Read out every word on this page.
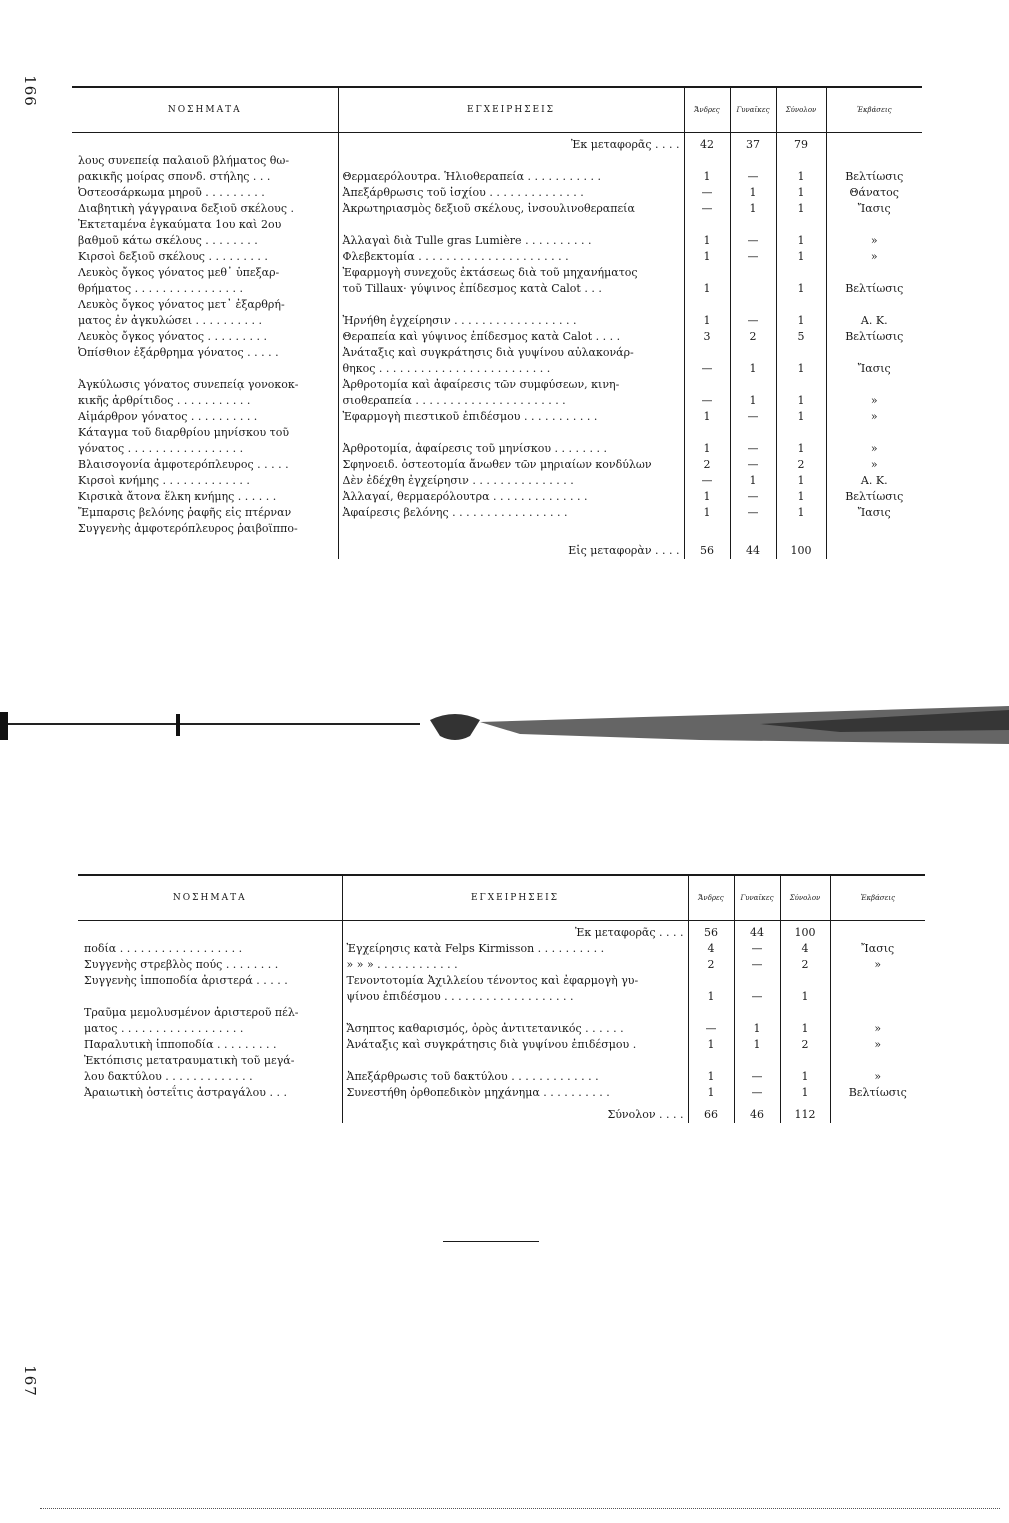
166
167
ΝΟΣΗΜΑΤΑ	ΕΓΧΕΙΡΗΣΕΙΣ	Ἄνδρες	Γυναῖκες	Σύνολον	Ἐκβάσεις

	Ἐκ μεταφορᾶς . . . .	42	37	79	
λους συνεπείᾳ παλαιοῦ βλήματος θω-					
ρακικῆς μοίρας σπονδ. στήλης . . .	Θερμαερόλουτρα. Ἡλιοθεραπεία . . . . . . . . . . .	1	—	1	Βελτίωσις
Ὀστεοσάρκωμα μηροῦ . . . . . . . . .	Ἀπεξάρθρωσις τοῦ ἰσχίου . . . . . . . . . . . . . .	—	1	1	Θάνατος
Διαβητικὴ γάγγραινα δεξιοῦ σκέλους .	Ἀκρωτηριασμὸς δεξιοῦ σκέλους, ἰνσουλινοθεραπεία	—	1	1	Ἴασις
Ἐκτεταμένα ἐγκαύματα 1ου καὶ 2ου					
βαθμοῦ κάτω σκέλους . . . . . . . .	Ἀλλαγαὶ διὰ Tulle gras Lumière . . . . . . . . . .	1	—	1	»
Κιρσοὶ δεξιοῦ σκέλους . . . . . . . . .	Φλεβεκτομία . . . . . . . . . . . . . . . . . . . . . .	1	—	1	»
Λευκὸς ὄγκος γόνατος μεθ᾽ ὑπεξαρ-	Ἐφαρμογὴ συνεχοῦς ἐκτάσεως διὰ τοῦ μηχανήματος				
θρήματος . . . . . . . . . . . . . . . .	τοῦ Tillaux· γύψινος ἐπίδεσμος κατὰ Calot . . .	1		1	Βελτίωσις
Λευκὸς ὄγκος γόνατος μετ᾽ ἐξαρθρή-					
ματος ἐν ἀγκυλώσει . . . . . . . . . .	Ἠρνήθη ἐγχείρησιν . . . . . . . . . . . . . . . . . .	1	—	1	Α. Κ.
Λευκὸς ὄγκος γόνατος . . . . . . . . .	Θεραπεία καὶ γύψινος ἐπίδεσμος κατὰ Calot . . . .	3	2	5	Βελτίωσις
Ὀπίσθιον ἐξάρθρημα γόνατος . . . . .	Ἀνάταξις καὶ συγκράτησις διὰ γυψίνου αὐλακονάρ-				
	θηκος . . . . . . . . . . . . . . . . . . . . . . . . .	—	1	1	Ἴασις
Ἀγκύλωσις γόνατος συνεπείᾳ γονοκοκ-	Ἀρθροτομία καὶ ἀφαίρεσις τῶν συμφύσεων, κινη-				
κικῆς ἀρθρίτιδος . . . . . . . . . . .	σιοθεραπεία . . . . . . . . . . . . . . . . . . . . . .	—	1	1	»
Αἱμάρθρον γόνατος . . . . . . . . . .	Ἐφαρμογὴ πιεστικοῦ ἐπιδέσμου . . . . . . . . . . .	1	—	1	»
Κάταγμα τοῦ διαρθρίου μηνίσκου τοῦ					
γόνατος . . . . . . . . . . . . . . . . .	Ἀρθροτομία, ἀφαίρεσις τοῦ μηνίσκου . . . . . . . .	1	—	1	»
Βλαισογονία ἀμφοτερόπλευρος . . . . .	Σφηνοειδ. ὀστεοτομία ἄνωθεν τῶν μηριαίων κονδύλων	2	—	2	»
Κιρσοὶ κνήμης . . . . . . . . . . . . .	Δὲν ἐδέχθη ἐγχείρησιν . . . . . . . . . . . . . . .	—	1	1	Α. Κ.
Κιρσικὰ ἄτονα ἕλκη κνήμης . . . . . .	Ἀλλαγαί, θερμαερόλουτρα . . . . . . . . . . . . . .	1	—	1	Βελτίωσις
Ἔμπαρσις βελόνης ῥαφῆς εἰς πτέρναν	Ἀφαίρεσις βελόνης . . . . . . . . . . . . . . . . .	1	—	1	Ἴασις
Συγγενὴς ἀμφοτερόπλευρος ῥαιβοϊππο-					

	Εἰς μεταφορὰν . . . .	56	44	100	
ΝΟΣΗΜΑΤΑ	ΕΓΧΕΙΡΗΣΕΙΣ	Ἄνδρες	Γυναῖκες	Σύνολον	Ἐκβάσεις

	Ἐκ μεταφορᾶς . . . .	56	44	100	
ποδία . . . . . . . . . . . . . . . . . .	Ἐγχείρησις κατὰ Felps Kirmisson . . . . . . . . . .	4	—	4	Ἴασις
Συγγενὴς στρεβλὸς πούς . . . . . . . .	» » » . . . . . . . . . . . .	2	—	2	»
Συγγενὴς ἱπποποδία ἀριστερά . . . . .	Τενοντοτομία Ἀχιλλείου τένοντος καὶ ἐφαρμογὴ γυ-				
	ψίνου ἐπιδέσμου . . . . . . . . . . . . . . . . . . .	1	—	1	
Τραῦμα μεμολυσμένον ἀριστεροῦ πέλ-					
ματος . . . . . . . . . . . . . . . . . .	Ἄσηπτος καθαρισμός, ὀρὸς ἀντιτετανικός . . . . . .	—	1	1	»
Παραλυτικὴ ἱπποποδία . . . . . . . . .	Ἀνάταξις καὶ συγκράτησις διὰ γυψίνου ἐπιδέσμου .	1	1	2	»
Ἐκτόπισις μετατραυματικὴ τοῦ μεγά-					
λου δακτύλου . . . . . . . . . . . . .	Ἀπεξάρθρωσις τοῦ δακτύλου . . . . . . . . . . . . .	1	—	1	»
Ἀραιωτικὴ ὀστεΐτις ἀστραγάλου . . .	Συνεστήθη ὀρθοπεδικὸν μηχάνημα . . . . . . . . . .	1	—	1	Βελτίωσις

	Σύνολον . . . .	66	46	112	
